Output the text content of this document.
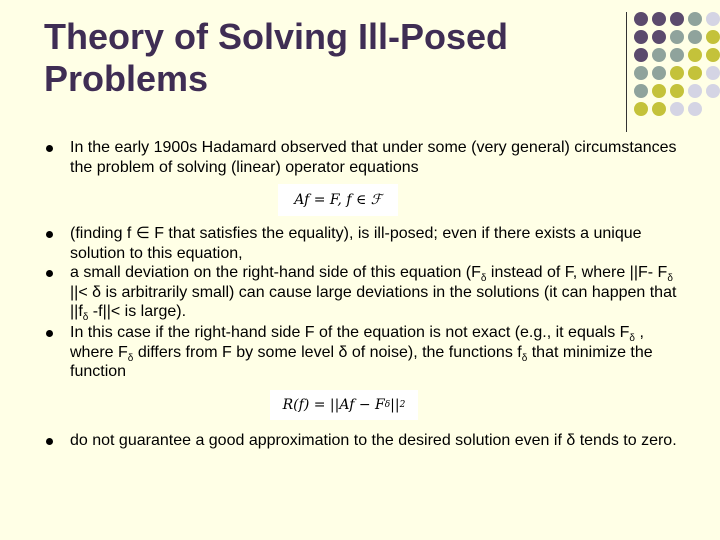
Theory of Solving Ill-Posed
Problems
In the early 1900s Hadamard observed that under some (very general) circumstances the problem of solving (linear) operator equations
Af = F, f ∈ ℱ
(finding f ∈ F that satisfies the equality), is ill-posed; even if there exists a unique solution to this equation,
a small deviation on the right-hand side of this equation ($F_\delta$ instead of F, where ||F- $F_\delta$ ||< δ is arbitrarily small) can cause large deviations in the solutions (it can happen that $||f_\delta$ -f||< is large).
In this case if the right-hand side F of the equation is not exact (e.g., it equals $F_\delta$ , where $F_\delta$ differs from F by some level δ of noise), the functions $f_\delta$ that minimize the function
R(f) = ||Af − F δ || 2
do not guarantee a good approximation to the desired solution even if δ tends to zero.
